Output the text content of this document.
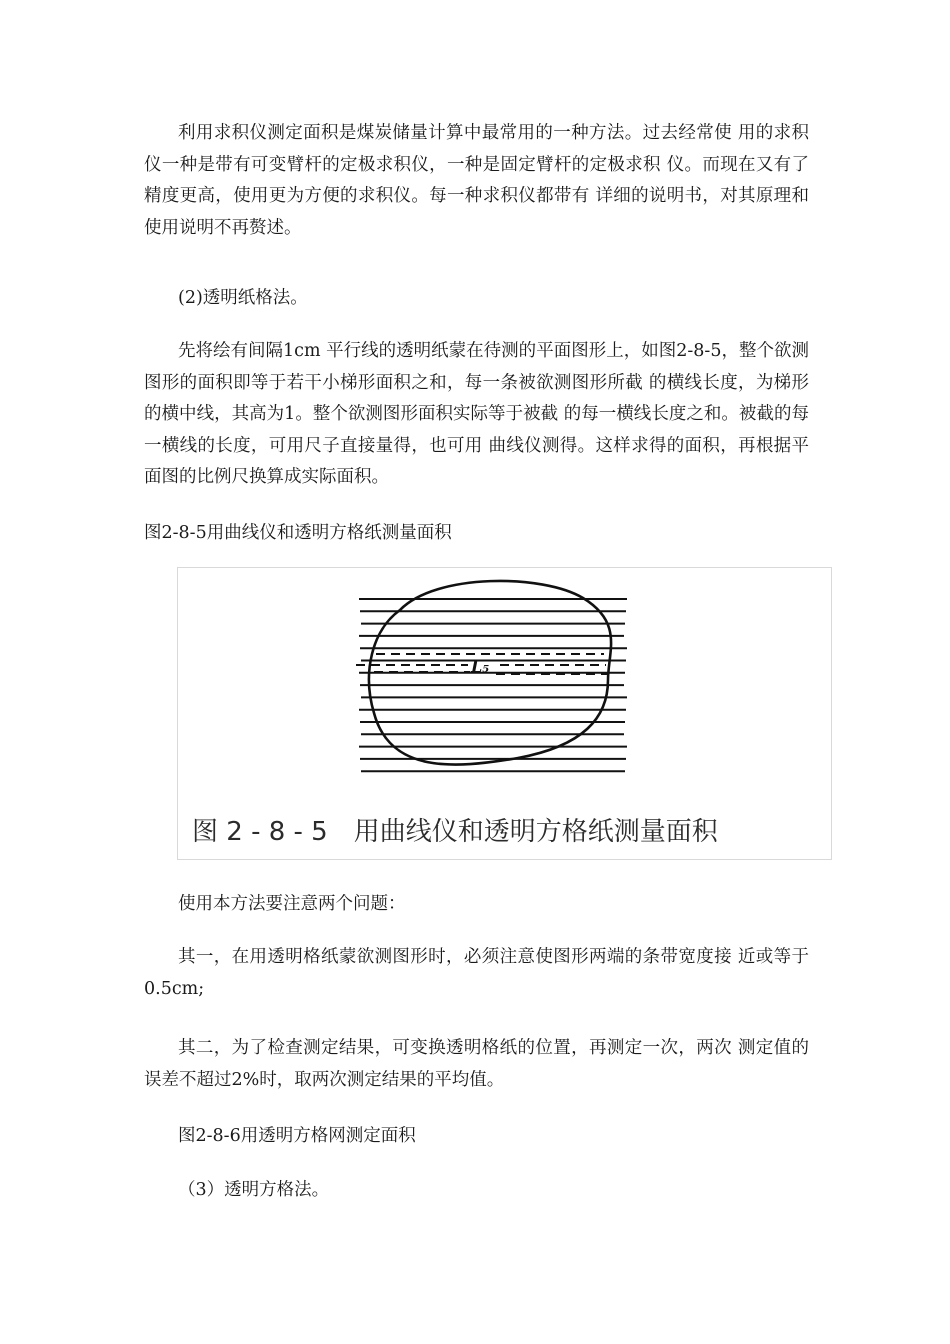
利用求积仪测定面积是煤炭储量计算中最常用的一种方法。过去经常使 用的求积仪一种是带有可变臂杆的定极求积仪，一种是固定臂杆的定极求积 仪。而现在又有了精度更高，使用更为方便的求积仪。每一种求积仪都带有 详细的说明书，对其原理和使用说明不再赘述。

(2)透明纸格法。

先将绘有间隔1cm 平行线的透明纸蒙在待测的平面图形上，如图2-8-5，整个欲测图形的面积即等于若干小梯形面积之和，每一条被欲测图形所截 的横线长度，为梯形的横中线，其高为1。整个欲测图形面积实际等于被截 的每一横线长度之和。被截的每一横线的长度，可用尺子直接量得，也可用 曲线仪测得。这样求得的面积，再根据平面图的比例尺换算成实际面积。

图2-8-5用曲线仪和透明方格纸测量面积

L₅
图 2 - 8 - 5　用曲线仪和透明方格纸测量面积

使用本方法要注意两个问题：

其一，在用透明格纸蒙欲测图形时，必须注意使图形两端的条带宽度接 近或等于0.5cm;

其二，为了检查测定结果，可变换透明格纸的位置，再测定一次，两次 测定值的误差不超过2%时，取两次测定结果的平均值。

图2-8-6用透明方格网测定面积

（3）透明方格法。
